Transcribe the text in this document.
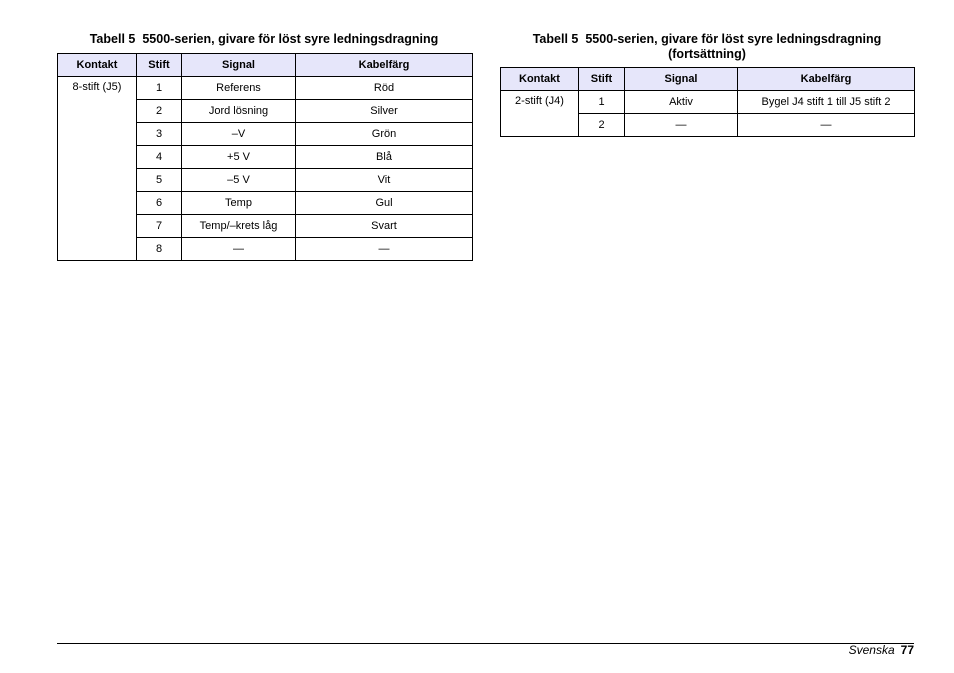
Tabell 5 5500-serien, givare för löst syre ledningsdragning
Kontakt	Stift	Signal	Kabelfärg
8-stift (J5)	1	Referens	Röd
	2	Jord lösning	Silver
	3	–V	Grön
	4	+5 V	Blå
	5	–5 V	Vit
	6	Temp	Gul
	7	Temp/–krets låg	Svart
	8	—	—
Tabell 5 5500-serien, givare för löst syre ledningsdragning
(fortsättning)
Kontakt	Stift	Signal	Kabelfärg
2-stift (J4)	1	Aktiv	Bygel J4 stift 1 till J5 stift 2
	2	—	—
Svenska 77
